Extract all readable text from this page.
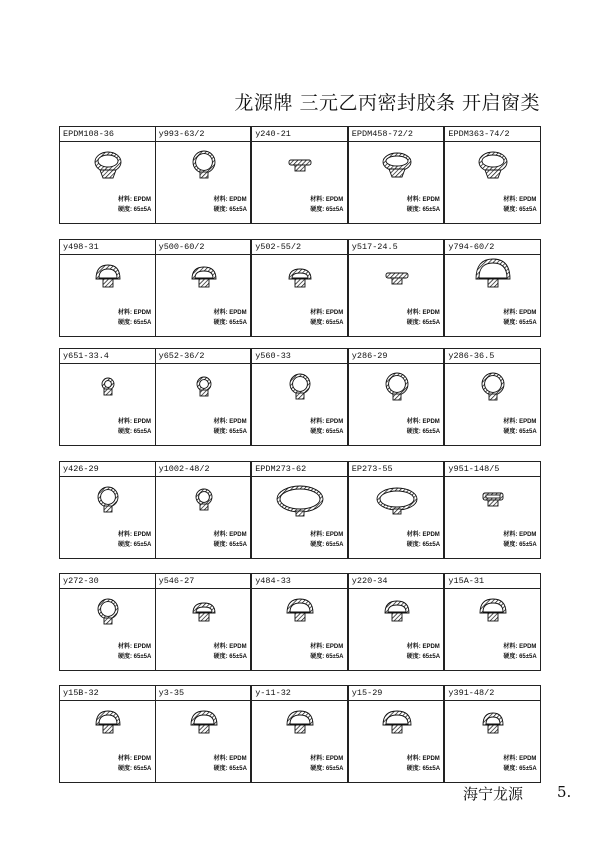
龙源牌 三元乙丙密封胶条 开启窗类
EPDM108-36
材料: EPDM
硬度: 65±5A
y993-63/2
材料: EPDM
硬度: 65±5A
y240-21
材料: EPDM
硬度: 65±5A
EPDM458-72/2
材料: EPDM
硬度: 65±5A
EPDM363-74/2
材料: EPDM
硬度: 65±5A
y498-31
材料: EPDM
硬度: 65±5A
y500-60/2
材料: EPDM
硬度: 65±5A
y502-55/2
材料: EPDM
硬度: 65±5A
y517-24.5
材料: EPDM
硬度: 65±5A
y794-60/2
材料: EPDM
硬度: 65±5A
y651-33.4
材料: EPDM
硬度: 65±5A
y652-36/2
材料: EPDM
硬度: 65±5A
y560-33
材料: EPDM
硬度: 65±5A
y286-29
材料: EPDM
硬度: 65±5A
y286-36.5
材料: EPDM
硬度: 65±5A
y426-29
材料: EPDM
硬度: 65±5A
y1002-48/2
材料: EPDM
硬度: 65±5A
EPDM273-62
材料: EPDM
硬度: 65±5A
EP273-55
材料: EPDM
硬度: 65±5A
y951-148/5
材料: EPDM
硬度: 65±5A
y272-30
材料: EPDM
硬度: 65±5A
y546-27
材料: EPDM
硬度: 65±5A
y484-33
材料: EPDM
硬度: 65±5A
y220-34
材料: EPDM
硬度: 65±5A
y15A-31
材料: EPDM
硬度: 65±5A
y15B-32
材料: EPDM
硬度: 65±5A
y3-35
材料: EPDM
硬度: 65±5A
y-11-32
材料: EPDM
硬度: 65±5A
y15-29
材料: EPDM
硬度: 65±5A
y391-48/2
材料: EPDM
硬度: 65±5A
海宁龙源 5.
